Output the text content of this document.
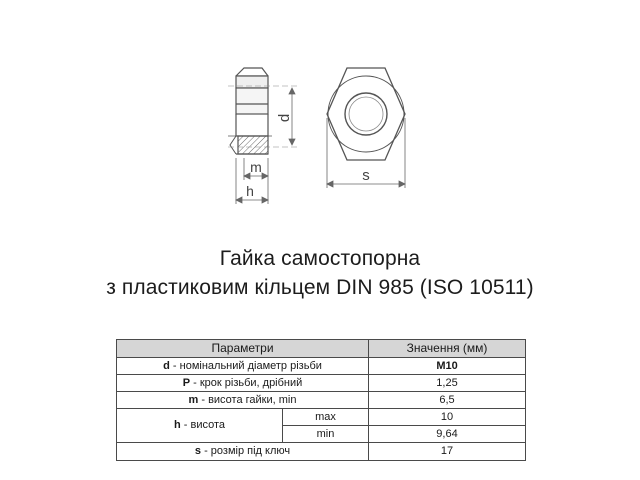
d
m
h
s
Гайка самостопорна
з пластиковим кільцем DIN 985 (ISO 10511)
Параметри		Значення (мм)
d - номінальний діаметр різьби		М10
Р - крок різьби, дрібний		1,25
m - висота гайки, min		6,5
h - висота	max	10
	min	9,64
s - розмір під ключ		17
